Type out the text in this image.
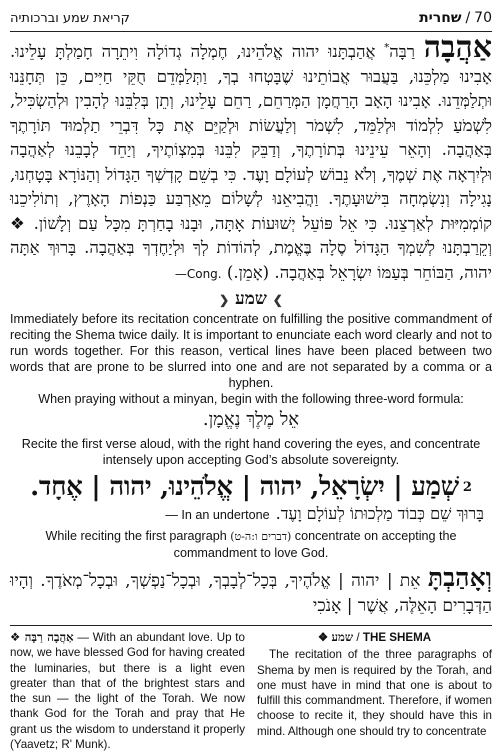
קריאת שמע וברכותיה	שחרית / 70

אַהֲבָה רַבָּה* אֲהַבְתָּנוּ יהוה אֱלֹהֵינוּ, חֶמְלָה גְדוֹלָה וִיתֵרָה חָמַלְתָּ עָלֵינוּ. אָבִינוּ מַלְכֵּנוּ, בַּעֲבוּר אֲבוֹתֵינוּ שֶׁבָּטְחוּ בְךָ, וַתְּלַמְּדֵם חֻקֵּי חַיִּים, כֵּן תְּחָנֵּנוּ וּתְלַמְּדֵנוּ. אָבִינוּ הָאָב הָרַחֲמָן הַמְּרַחֵם, רַחֵם עָלֵינוּ, וְתֵן בְּלִבֵּנוּ לְהָבִין וּלְהַשְׂכִּיל, לִשְׁמֹעַ לִלְמוֹד וּלְלַמֵּד, לִשְׁמֹר וְלַעֲשׂוֹת וּלְקַיֵּם אֶת כָּל דִּבְרֵי תַלְמוּד תּוֹרָתֶךָ בְּאַהֲבָה. וְהָאֵר עֵינֵינוּ בְּתוֹרָתֶךָ, וְדַבֵּק לִבֵּנוּ בְּמִצְוֹתֶיךָ, וְיַחֵד לְבָבֵנוּ לְאַהֲבָה וּלְיִרְאָה אֶת שְׁמֶךָ, וְלֹא נֵבוֹשׁ לְעוֹלָם וָעֶד. כִּי בְשֵׁם קָדְשְׁךָ הַגָּדוֹל וְהַנּוֹרָא בָּטָחְנוּ, נָגִילָה וְנִשְׂמְחָה בִּישׁוּעָתֶךָ. וַהֲבִיאֵנוּ לְשָׁלוֹם מֵאַרְבַּע כַּנְפוֹת הָאָרֶץ, וְתוֹלִיכֵנוּ קוֹמְמִיּוּת לְאַרְצֵנוּ. כִּי אֵל פּוֹעֵל יְשׁוּעוֹת אָתָּה, וּבָנוּ בָחַרְתָּ מִכָּל עַם וְלָשׁוֹן. ❖ וְקֵרַבְתָּנוּ לְשִׁמְךָ הַגָּדוֹל סֶלָה בֶּאֱמֶת, לְהוֹדוֹת לְךָ וּלְיַחֶדְךָ בְּאַהֲבָה. בָּרוּךְ אַתָּה יהוה, הַבּוֹחֵר בְּעַמּוֹ יִשְׂרָאֵל בְּאַהֲבָה. (אָמֵן.) —Cong.

❯ שמע ❮

Immediately before its recitation concentrate on fulfilling the positive commandment of reciting the Shema twice daily. It is important to enunciate each word clearly and not to run words together. For this reason, vertical lines have been placed between two words that are prone to be slurred into one and are not separated by a comma or a hyphen.

When praying without a minyan, begin with the following three-word formula:

אֵל מֶלֶךְ נֶאֱמָן.

Recite the first verse aloud, with the right hand covering the eyes, and concentrate intensely upon accepting God’s absolute sovereignty.

שְׁמַע | יִשְׂרָאֵל, יהוה | אֱלֹהֵינוּ, יהוה | אֶחָד. 2
— In an undertone בָּרוּךְ שֵׁם כְּבוֹד מַלְכוּתוֹ לְעוֹלָם וָעֶד.

While reciting the first paragraph (דברים ו:ה-ט) concentrate on accepting the commandment to love God.

וְאָהַבְתָּ אֵת | יהוה | אֱלֹהֶיךָ, בְּכָל־לְבָבְךָ, וּבְכָל־נַפְשְׁךָ, וּבְכָל־מְאֹדֶךָ. וְהָיוּ הַדְּבָרִים הָאֵלֶּה, אֲשֶׁר | אָנֹכִי

❖ אַהֲבָה רַבָּה — With an abundant love. Up to now, we have blessed God for having created the luminaries, but there is a light even greater than that of the brightest stars and the sun — the light of the Torah. We now thank God for the Torah and pray that He grant us the wisdom to understand it properly (Yaavetz; R' Munk).

❖ שמע / THE SHEMA

The recitation of the three paragraphs of Shema by men is required by the Torah, and one must have in mind that one is about to fulfill this commandment. Therefore, if women choose to recite it, they should have this in mind. Although one should try to concentrate
